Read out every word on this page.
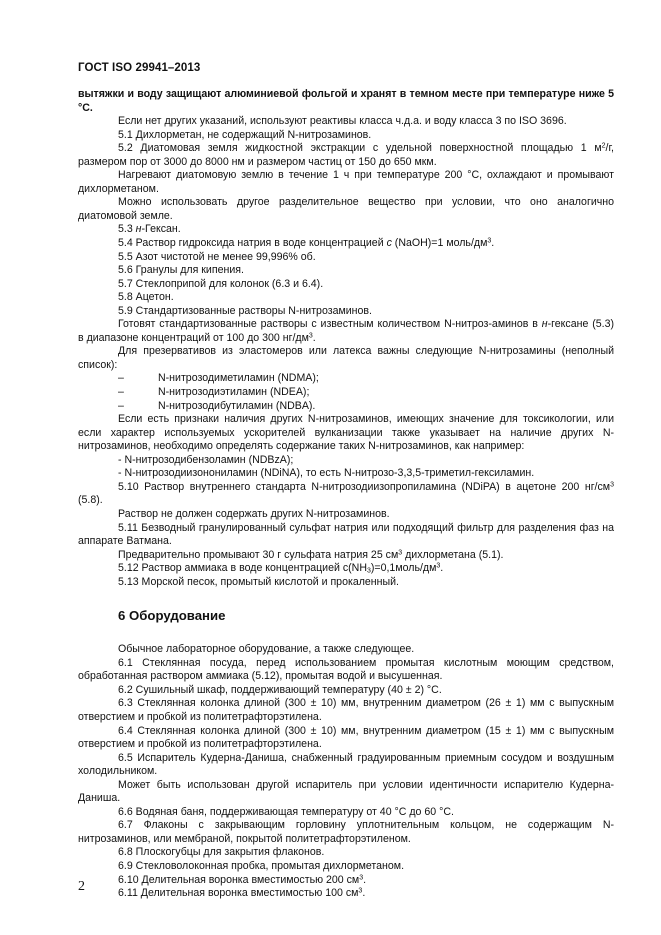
ГОСТ ISO 29941–2013

вытяжки и воду защищают алюминиевой фольгой и хранят в темном месте при температуре ниже 5 °С.

Если нет других указаний, используют реактивы класса ч.д.а. и воду класса 3 по ISO 3696.

5.1 Дихлорметан, не содержащий N-нитрозаминов.

5.2 Диатомовая земля жидкостной экстракции с удельной поверхностной площадью 1 $м^2/г$, размером пор от 3000 до 8000 нм и размером частиц от 150 до 650 мкм.

Нагревают диатомовую землю в течение 1 ч при температуре 200 °С, охлаждают и промывают дихлорметаном.

Можно использовать другое разделительное вещество при условии, что оно аналогично диатомовой земле.

5.3 н-Гексан.

5.4 Раствор гидроксида натрия в воде концентрацией c (NaOH)=1 моль/$дм^3$.

5.5 Азот чистотой не менее 99,996% об.

5.6 Гранулы для кипения.

5.7 Стеклоприпой для колонок (6.3 и 6.4).

5.8 Ацетон.

5.9 Стандартизованные растворы N-нитрозаминов.

Готовят стандартизованные растворы с известным количеством N-нитроз-аминов в н-гексане (5.3) в диапазоне концентраций от 100 до 300 $нг/дм^3$.

Для презервативов из эластомеров или латекса важны следующие N-нитрозамины (неполный список):

–	N-нитрозодиметиламин (NDMA);
–	N-нитрозодиэтиламин (NDEA);
–	N-нитрозодибутиламин (NDBA).

Если есть признаки наличия других N-нитрозаминов, имеющих значение для токсикологии, или если характер используемых ускорителей вулканизации также указывает на наличие других N-нитрозаминов, необходимо определять содержание таких N-нитрозаминов, как например:

- N-нитрозодибензоламин (NDBzA);

- N-нитрозодиизонониламин (NDiNA), то есть N-нитрозо-3,3,5-триметил-гексиламин.

5.10 Раствор внутреннего стандарта N-нитрозодиизопропиламина (NDiPA) в ацетоне 200 $нг/см^3$ (5.8).

Раствор не должен содержать других N-нитрозаминов.

5.11 Безводный гранулированный сульфат натрия или подходящий фильтр для разделения фаз на аппарате Ватмана.

Предварительно промывают 30 г сульфата натрия 25 $см^3$ дихлорметана (5.1).

5.12 Раствор аммиака в воде концентрацией $c(NH_3)=0,1моль/дм^3$.

5.13 Морской песок, промытый кислотой и прокаленный.

6 Оборудование

Обычное лабораторное оборудование, а также следующее.

6.1 Стеклянная посуда, перед использованием промытая кислотным моющим средством, обработанная раствором аммиака (5.12), промытая водой и высушенная.

6.2 Сушильный шкаф, поддерживающий температуру (40 ± 2) °С.

6.3 Стеклянная колонка длиной (300 ± 10) мм, внутренним диаметром (26 ± 1) мм с выпускным отверстием и пробкой из политетрафторэтилена.

6.4 Стеклянная колонка длиной (300 ± 10) мм, внутренним диаметром (15 ± 1) мм с выпускным отверстием и пробкой из политетрафторэтилена.

6.5 Испаритель Кудерна-Даниша, снабженный градуированным приемным сосудом и воздушным холодильником.

Может быть использован другой испаритель при условии идентичности испарителю Кудерна-Даниша.

6.6 Водяная баня, поддерживающая температуру от 40 °С до 60 °С.

6.7 Флаконы с закрывающим горловину уплотнительным кольцом, не содержащим N-нитрозаминов, или мембраной, покрытой политетрафторэтиленом.

6.8 Плоскогубцы для закрытия флаконов.

6.9 Стекловолоконная пробка, промытая дихлорметаном.

6.10 Делительная воронка вместимостью 200 $см^3$.

6.11 Делительная воронка вместимостью 100 $см^3$.

2
